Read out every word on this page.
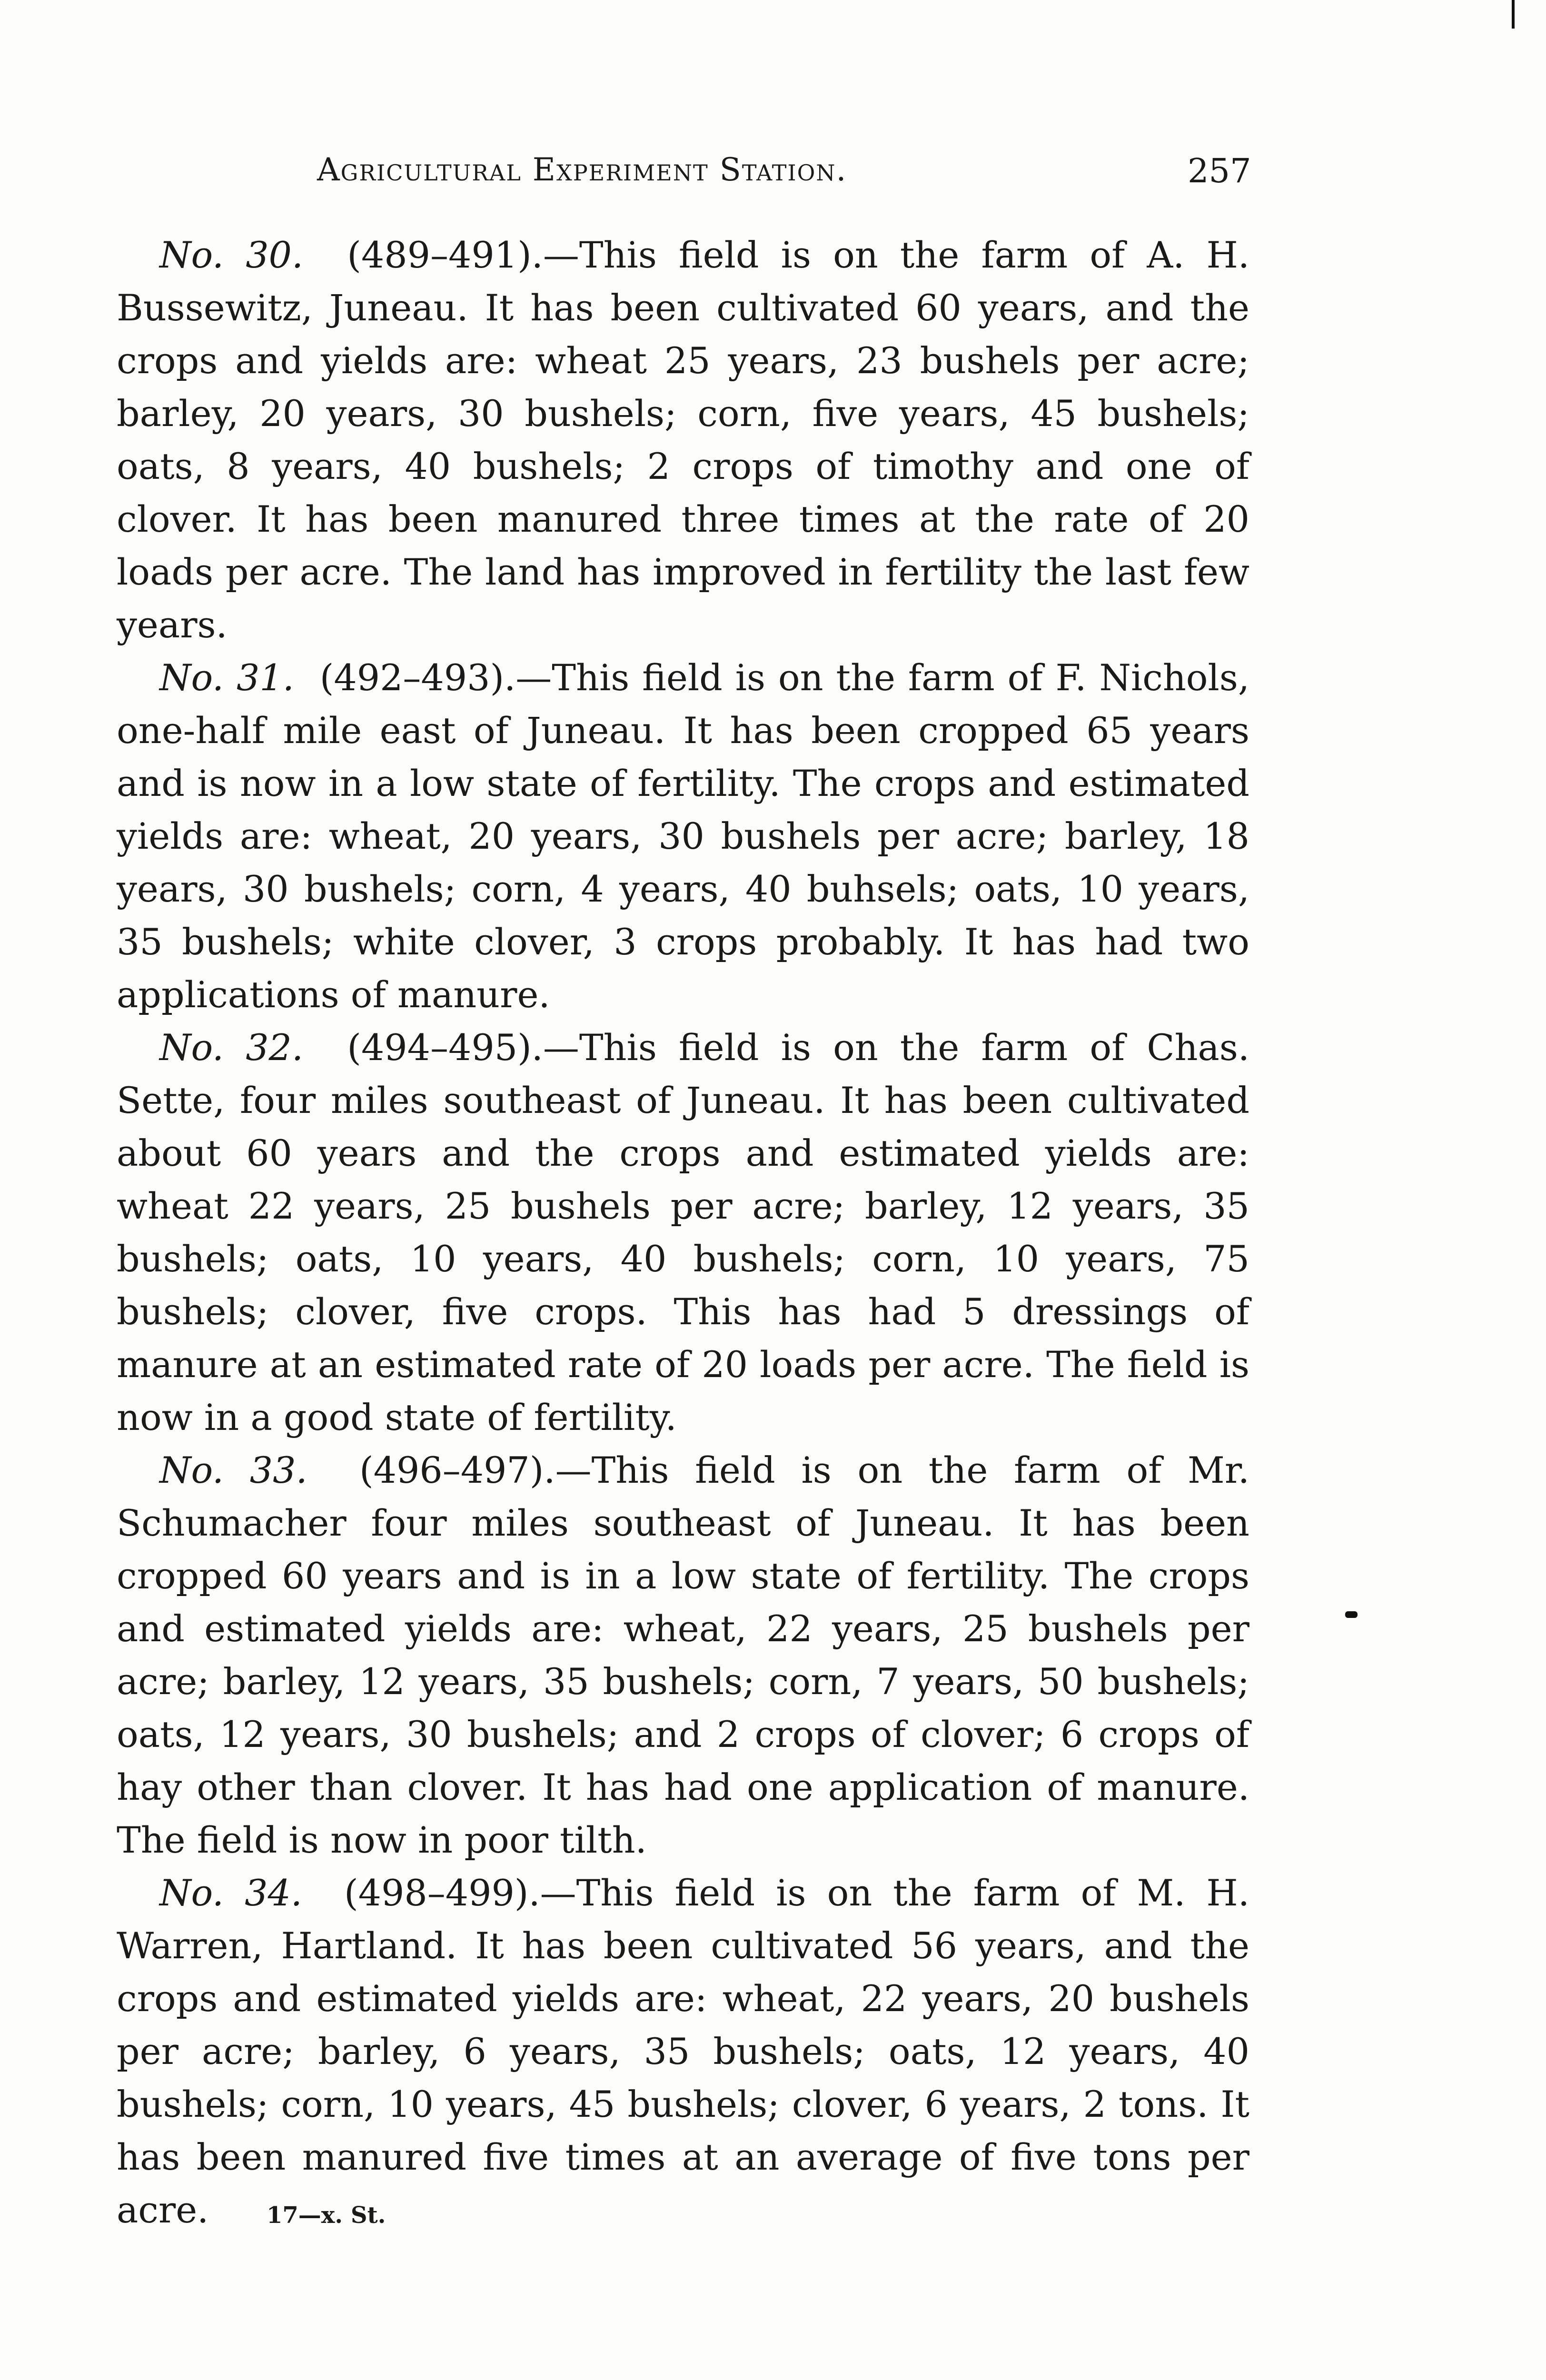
Agricultural Experiment Station.	257

No. 30. (489–491).—This field is on the farm of A. H. Bussewitz, Juneau. It has been cultivated 60 years, and the crops and yields are: wheat 25 years, 23 bushels per acre; barley, 20 years, 30 bushels; corn, five years, 45 bushels; oats, 8 years, 40 bushels; 2 crops of timothy and one of clover. It has been manured three times at the rate of 20 loads per acre. The land has improved in fertility the last few years.

No. 31. (492–493).—This field is on the farm of F. Nichols, one-half mile east of Juneau. It has been cropped 65 years and is now in a low state of fertility. The crops and estimated yields are: wheat, 20 years, 30 bushels per acre; barley, 18 years, 30 bushels; corn, 4 years, 40 buhsels; oats, 10 years, 35 bushels; white clover, 3 crops probably. It has had two applications of manure.

No. 32. (494–495).—This field is on the farm of Chas. Sette, four miles southeast of Juneau. It has been cultivated about 60 years and the crops and estimated yields are: wheat 22 years, 25 bushels per acre; barley, 12 years, 35 bushels; oats, 10 years, 40 bushels; corn, 10 years, 75 bushels; clover, five crops. This has had 5 dressings of manure at an estimated rate of 20 loads per acre. The field is now in a good state of fertility.

No. 33. (496–497).—This field is on the farm of Mr. Schumacher four miles southeast of Juneau. It has been cropped 60 years and is in a low state of fertility. The crops and estimated yields are: wheat, 22 years, 25 bushels per acre; barley, 12 years, 35 bushels; corn, 7 years, 50 bushels; oats, 12 years, 30 bushels; and 2 crops of clover; 6 crops of hay other than clover. It has had one application of manure. The field is now in poor tilth.

No. 34. (498–499).—This field is on the farm of M. H. Warren, Hartland. It has been cultivated 56 years, and the crops and estimated yields are: wheat, 22 years, 20 bushels per acre; barley, 6 years, 35 bushels; oats, 12 years, 40 bushels; corn, 10 years, 45 bushels; clover, 6 years, 2 tons. It has been manured five times at an average of five tons per acre.	17—x. St.
